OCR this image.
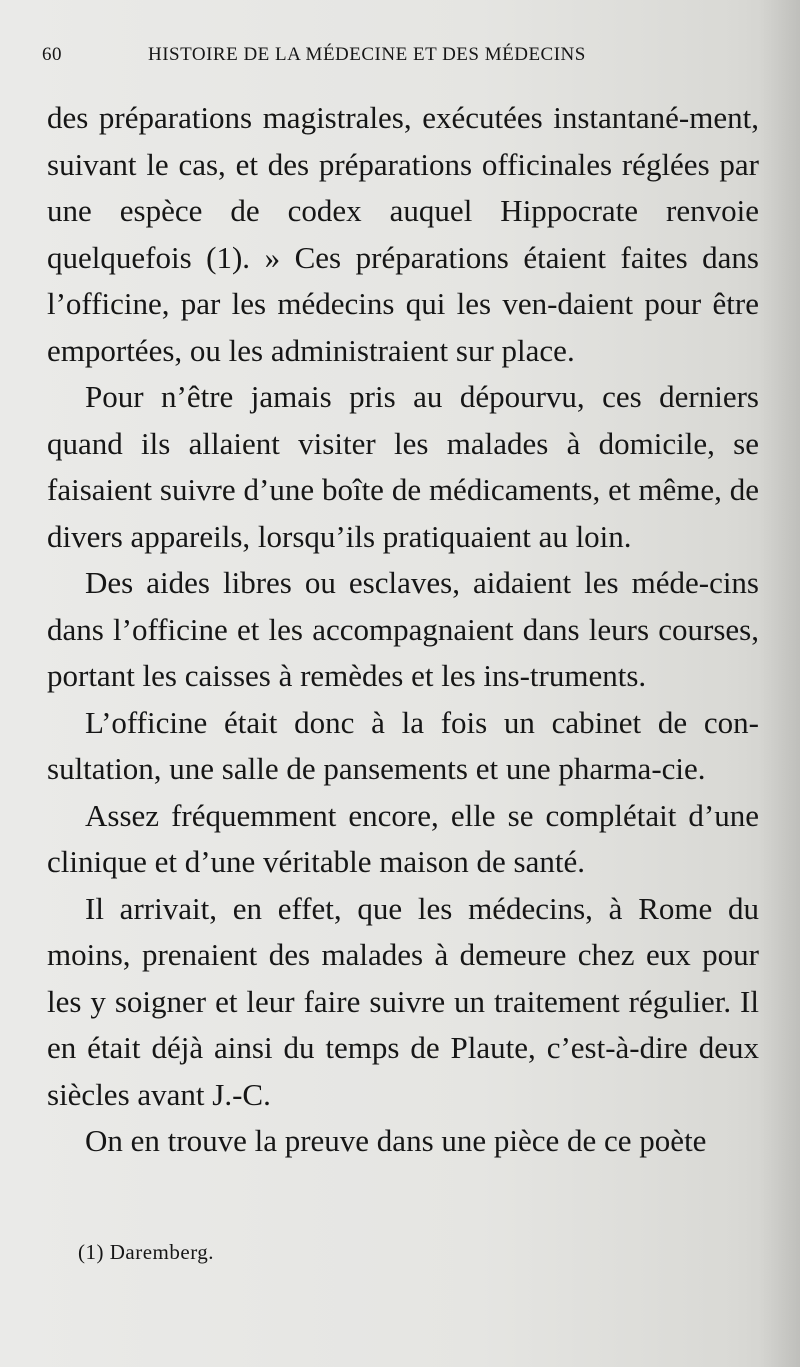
60	HISTOIRE DE LA MÉDECINE ET DES MÉDECINS

des préparations magistrales, exécutées instantané-ment, suivant le cas, et des préparations officinales réglées par une espèce de codex auquel Hippocrate renvoie quelquefois (1). » Ces préparations étaient faites dans l’officine, par les médecins qui les ven-daient pour être emportées, ou les administraient sur place.

Pour n’être jamais pris au dépourvu, ces derniers quand ils allaient visiter les malades à domicile, se faisaient suivre d’une boîte de médicaments, et même, de divers appareils, lorsqu’ils pratiquaient au loin.

Des aides libres ou esclaves, aidaient les méde-cins dans l’officine et les accompagnaient dans leurs courses, portant les caisses à remèdes et les ins-truments.

L’officine était donc à la fois un cabinet de con-sultation, une salle de pansements et une pharma-cie.

Assez fréquemment encore, elle se complétait d’une clinique et d’une véritable maison de santé.

Il arrivait, en effet, que les médecins, à Rome du moins, prenaient des malades à demeure chez eux pour les y soigner et leur faire suivre un traitement régulier. Il en était déjà ainsi du temps de Plaute, c’est-à-dire deux siècles avant J.-C.

On en trouve la preuve dans une pièce de ce poète

(1) Daremberg.
